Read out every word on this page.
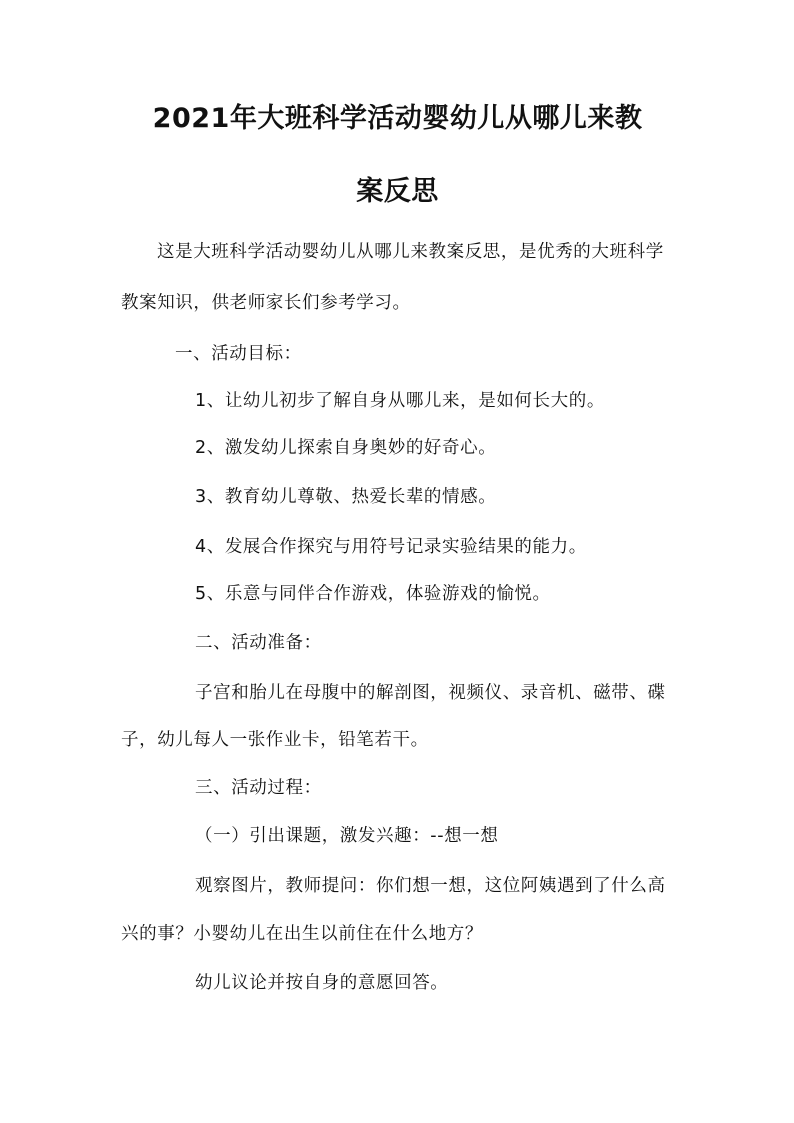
2021年大班科学活动婴幼儿从哪儿来教
案反思
这是大班科学活动婴幼儿从哪儿来教案反思，是优秀的大班科学
教案知识，供老师家长们参考学习。
一、活动目标：
1、让幼儿初步了解自身从哪儿来，是如何长大的。
2、激发幼儿探索自身奥妙的好奇心。
3、教育幼儿尊敬、热爱长辈的情感。
4、发展合作探究与用符号记录实验结果的能力。
5、乐意与同伴合作游戏，体验游戏的愉悦。
二、活动准备：
子宫和胎儿在母腹中的解剖图，视频仪、录音机、磁带、碟
子，幼儿每人一张作业卡，铅笔若干。
三、活动过程：
（一）引出课题，激发兴趣：--想一想
观察图片，教师提问：你们想一想，这位阿姨遇到了什么高
兴的事？小婴幼儿在出生以前住在什么地方？
幼儿议论并按自身的意愿回答。
